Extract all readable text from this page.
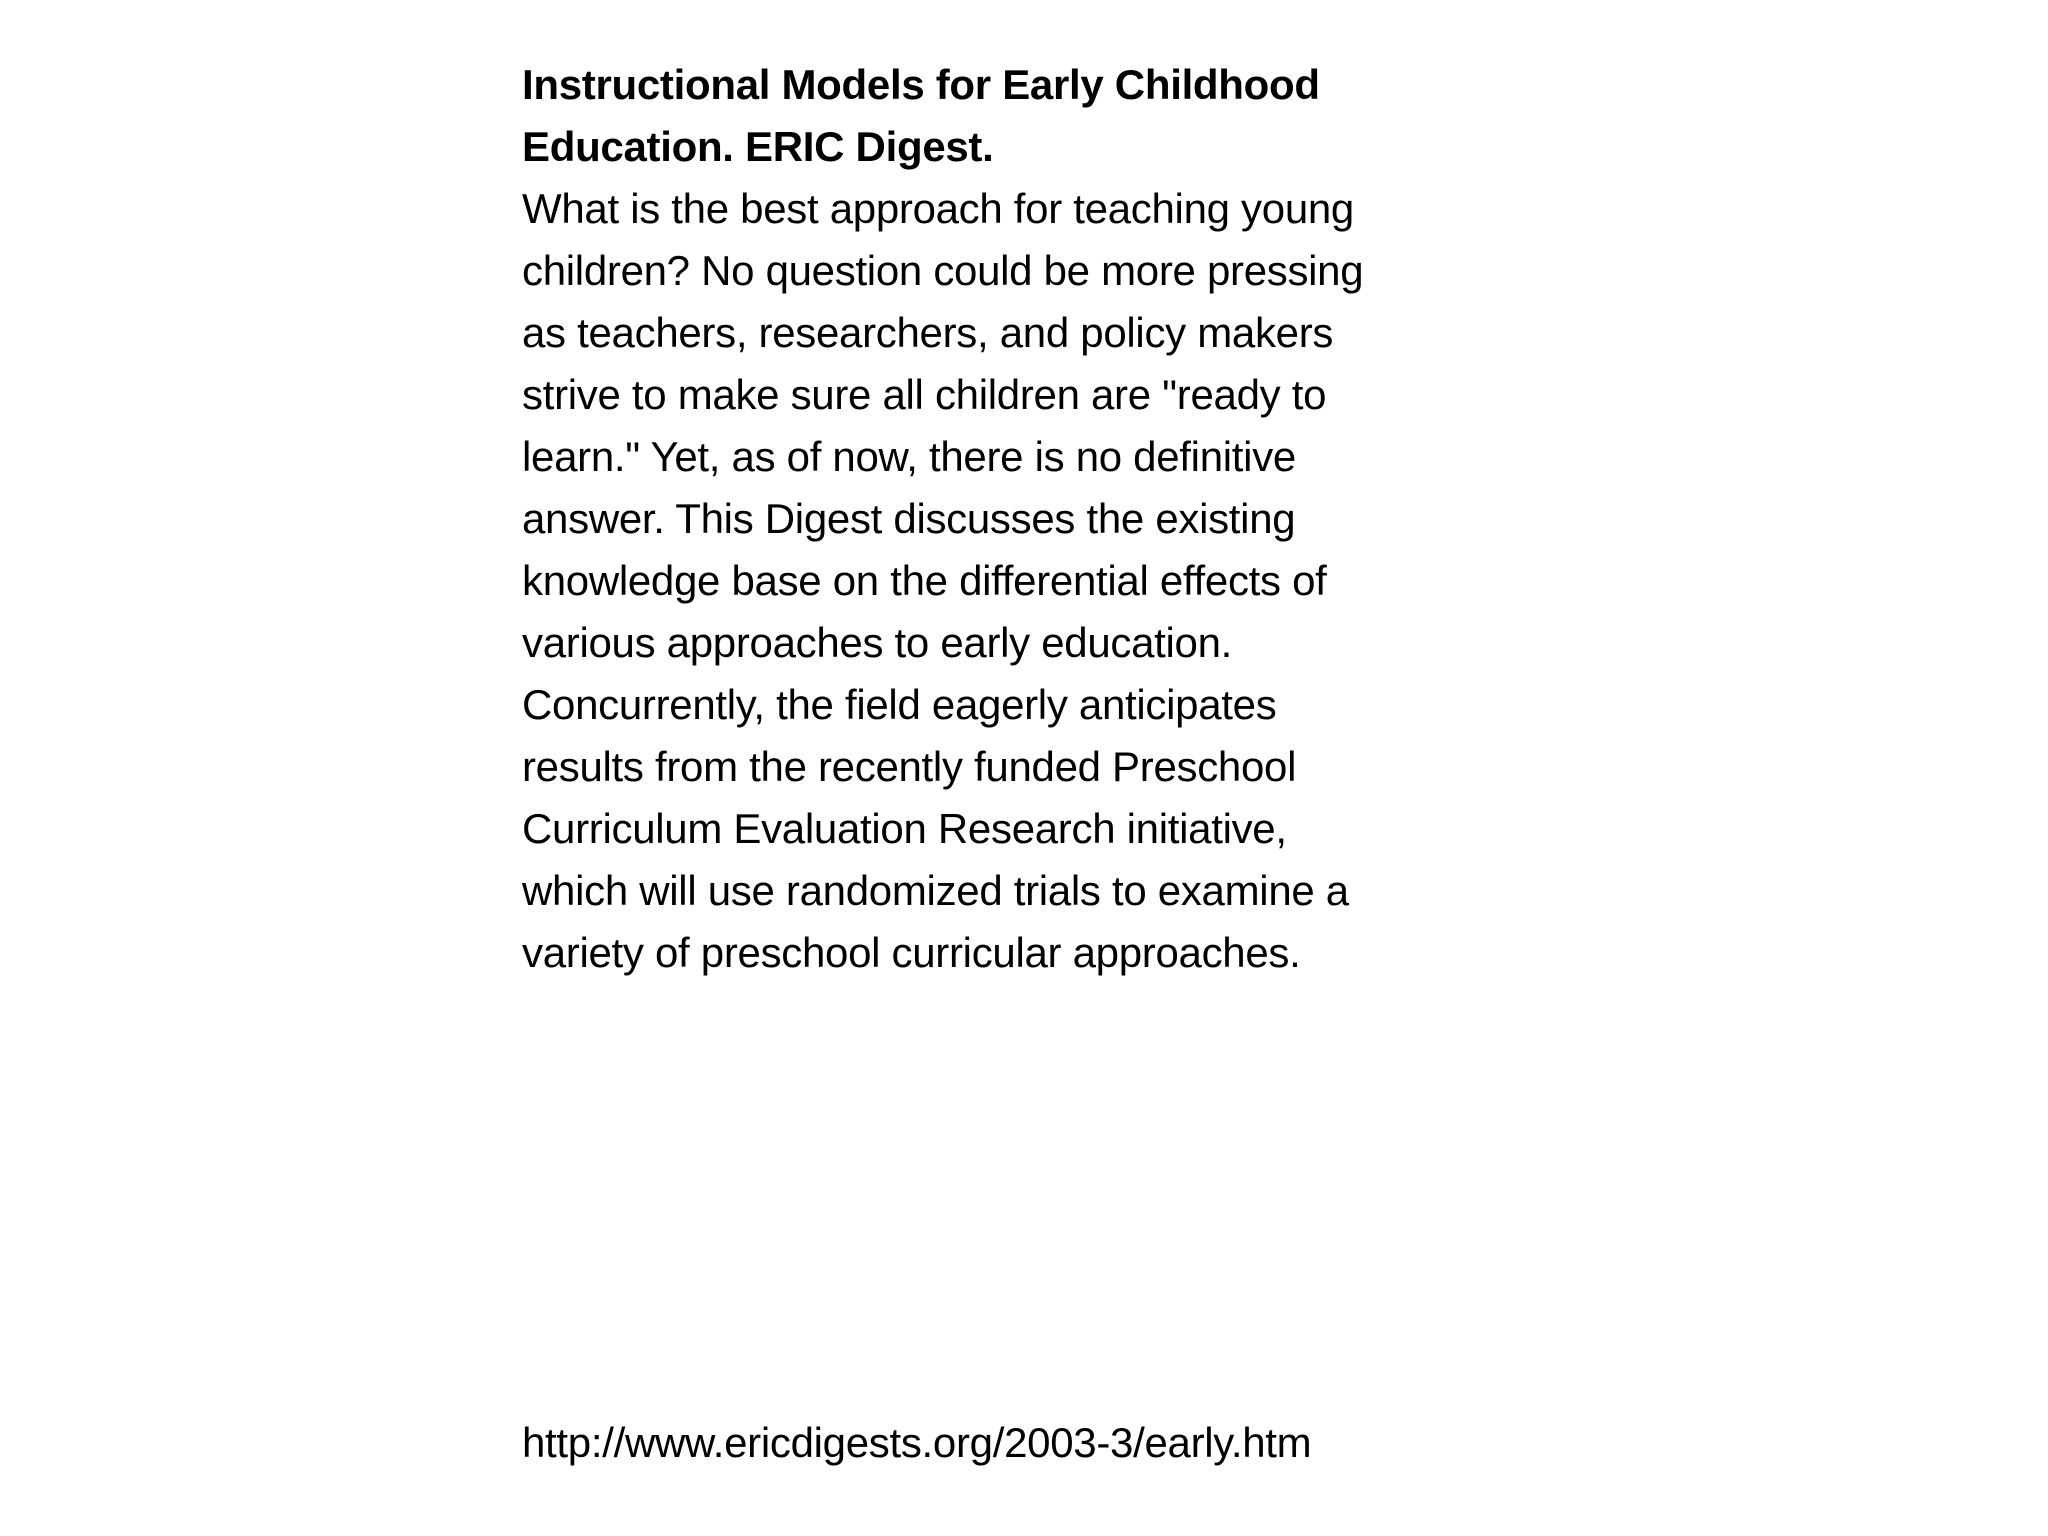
Instructional Models for Early Childhood
Education. ERIC Digest.

What is the best approach for teaching young
children? No question could be more pressing
as teachers, researchers, and policy makers
strive to make sure all children are "ready to
learn." Yet, as of now, there is no definitive
answer. This Digest discusses the existing
knowledge base on the differential effects of
various approaches to early education.
Concurrently, the field eagerly anticipates
results from the recently funded Preschool
Curriculum Evaluation Research initiative,
which will use randomized trials to examine a
variety of preschool curricular approaches.

http://www.ericdigests.org/2003-3/early.htm
